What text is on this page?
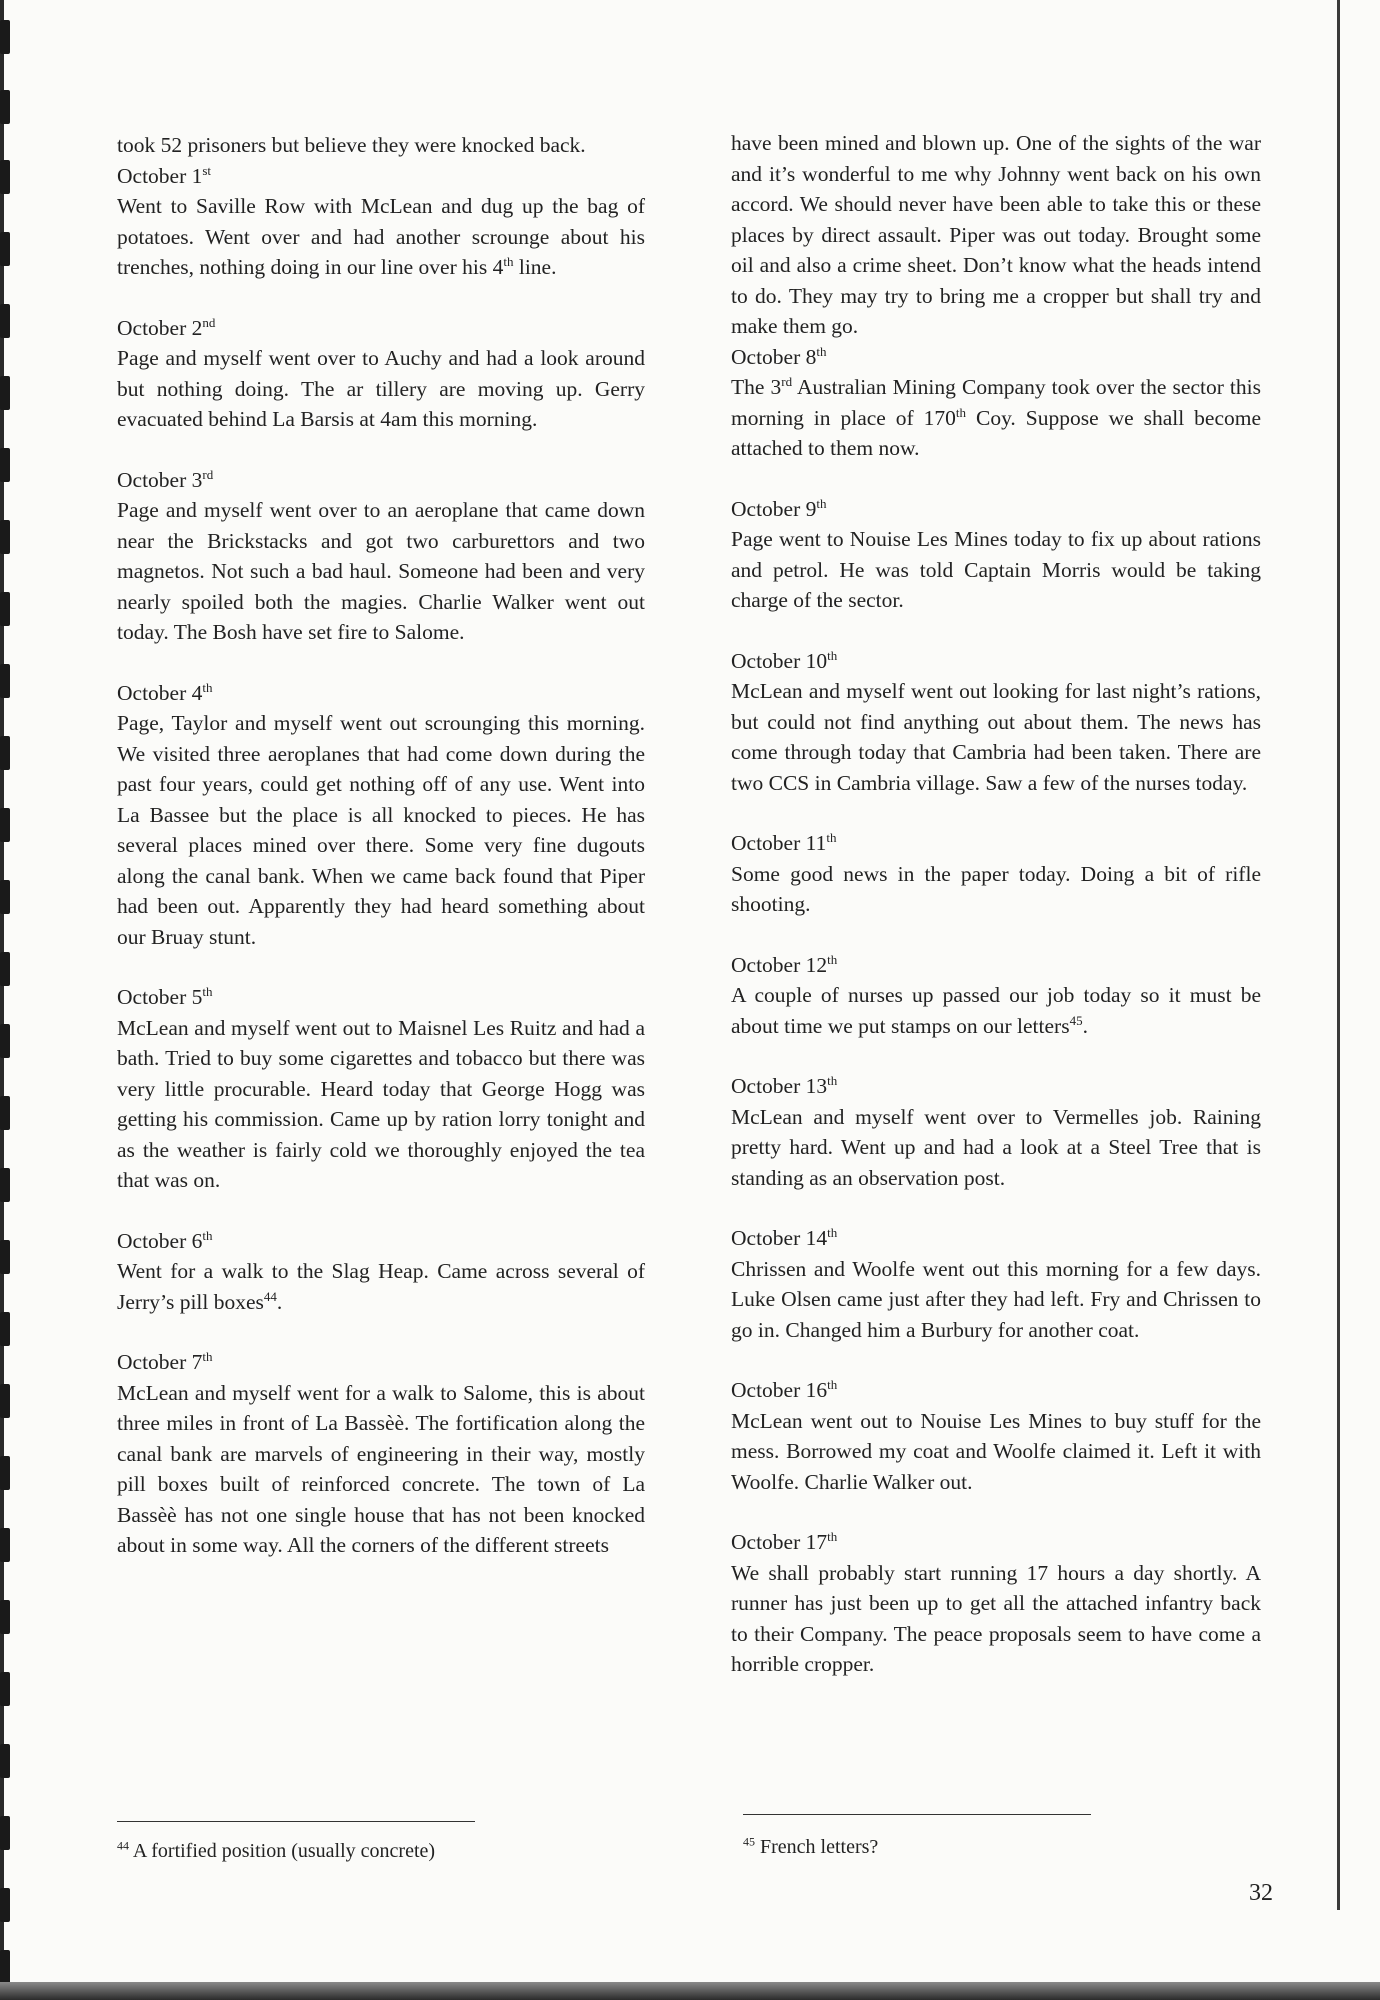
took 52 prisoners but believe they were knocked back.

October 1st

Went to Saville Row with McLean and dug up the bag of potatoes. Went over and had another scrounge about his trenches, nothing doing in our line over his 4th line.

October 2nd

Page and myself went over to Auchy and had a look around but nothing doing. The ar tillery are moving up. Gerry evacuated behind La Barsis at 4am this morning.

October 3rd

Page and myself went over to an aeroplane that came down near the Brickstacks and got two carburettors and two magnetos. Not such a bad haul. Someone had been and very nearly spoiled both the magies. Charlie Walker went out today. The Bosh have set fire to Salome.

October 4th

Page, Taylor and myself went out scrounging this morning. We visited three aeroplanes that had come down during the past four years, could get nothing off of any use. Went into La Bassee but the place is all knocked to pieces. He has several places mined over there. Some very fine dugouts along the canal bank. When we came back found that Piper had been out. Apparently they had heard something about our Bruay stunt.

October 5th

McLean and myself went out to Maisnel Les Ruitz and had a bath. Tried to buy some cigarettes and tobacco but there was very little procurable. Heard today that George Hogg was getting his commission. Came up by ration lorry tonight and as the weather is fairly cold we thoroughly enjoyed the tea that was on.

October 6th

Went for a walk to the Slag Heap. Came across several of Jerry’s pill boxes$^{44}$.

October 7th

McLean and myself went for a walk to Salome, this is about three miles in front of La Bassèè. The fortification along the canal bank are marvels of engineering in their way, mostly pill boxes built of reinforced concrete. The town of La Bassèè has not one single house that has not been knocked about in some way. All the corners of the different streets

$^{44}$ A fortified position (usually concrete)

have been mined and blown up. One of the sights of the war and it’s wonderful to me why Johnny went back on his own accord. We should never have been able to take this or these places by direct assault. Piper was out today. Brought some oil and also a crime sheet. Don’t know what the heads intend to do. They may try to bring me a cropper but shall try and make them go.

October 8th

The 3rd Australian Mining Company took over the sector this morning in place of 170th Coy. Suppose we shall become attached to them now.

October 9th

Page went to Nouise Les Mines today to fix up about rations and petrol. He was told Captain Morris would be taking charge of the sector.

October 10th

McLean and myself went out looking for last night’s rations, but could not find anything out about them. The news has come through today that Cambria had been taken. There are two CCS in Cambria village. Saw a few of the nurses today.

October 11th

Some good news in the paper today. Doing a bit of rifle shooting.

October 12th

A couple of nurses up passed our job today so it must be about time we put stamps on our letters$^{45}$.

October 13th

McLean and myself went over to Vermelles job. Raining pretty hard. Went up and had a look at a Steel Tree that is standing as an observation post.

October 14th

Chrissen and Woolfe went out this morning for a few days. Luke Olsen came just after they had left. Fry and Chrissen to go in. Changed him a Burbury for another coat.

October 16th

McLean went out to Nouise Les Mines to buy stuff for the mess. Borrowed my coat and Woolfe claimed it. Left it with Woolfe. Charlie Walker out.

October 17th

We shall probably start running 17 hours a day shortly. A runner has just been up to get all the attached infantry back to their Company. The peace proposals seem to have come a horrible cropper.

$^{45}$ French letters?
32
